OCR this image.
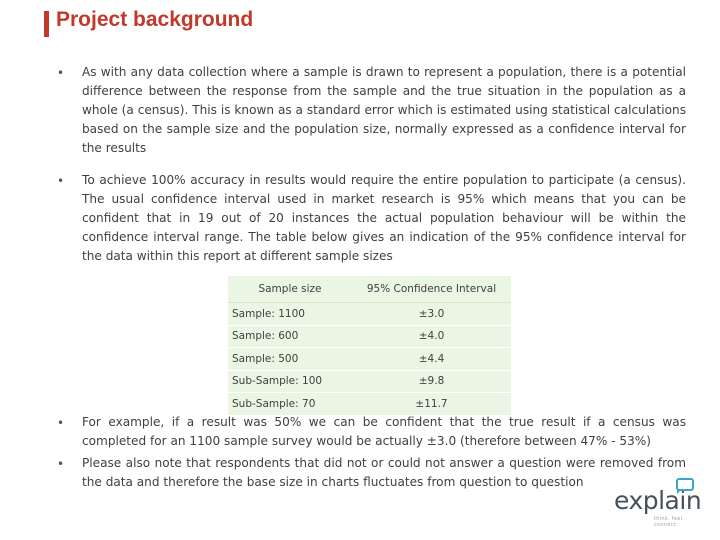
Project background
• As with any data collection where a sample is drawn to represent a population, there is a potential difference between the response from the sample and the true situation in the population as a whole (a census). This is known as a standard error which is estimated using statistical calculations based on the sample size and the population size, normally expressed as a confidence interval for the results

• To achieve 100% accuracy in results would require the entire population to participate (a census). The usual confidence interval used in market research is 95% which means that you can be confident that in 19 out of 20 instances the actual population behaviour will be within the confidence interval range. The table below gives an indication of the 95% confidence interval for the data within this report at different sample sizes

Sample size	95% Confidence Interval
Sample: 1100	±3.0
Sample: 600	±4.0
Sample: 500	±4.4
Sub-Sample: 100	±9.8
Sub-Sample: 70	±11.7
• For example, if a result was 50% we can be confident that the true result if a census was completed for an 1100 sample survey would be actually ±3.0 (therefore between 47% - 53%)

• Please also note that respondents that did not or could not answer a question were removed from the data and therefore the base size in charts fluctuates from question to question

explain
think. feel. connect.
